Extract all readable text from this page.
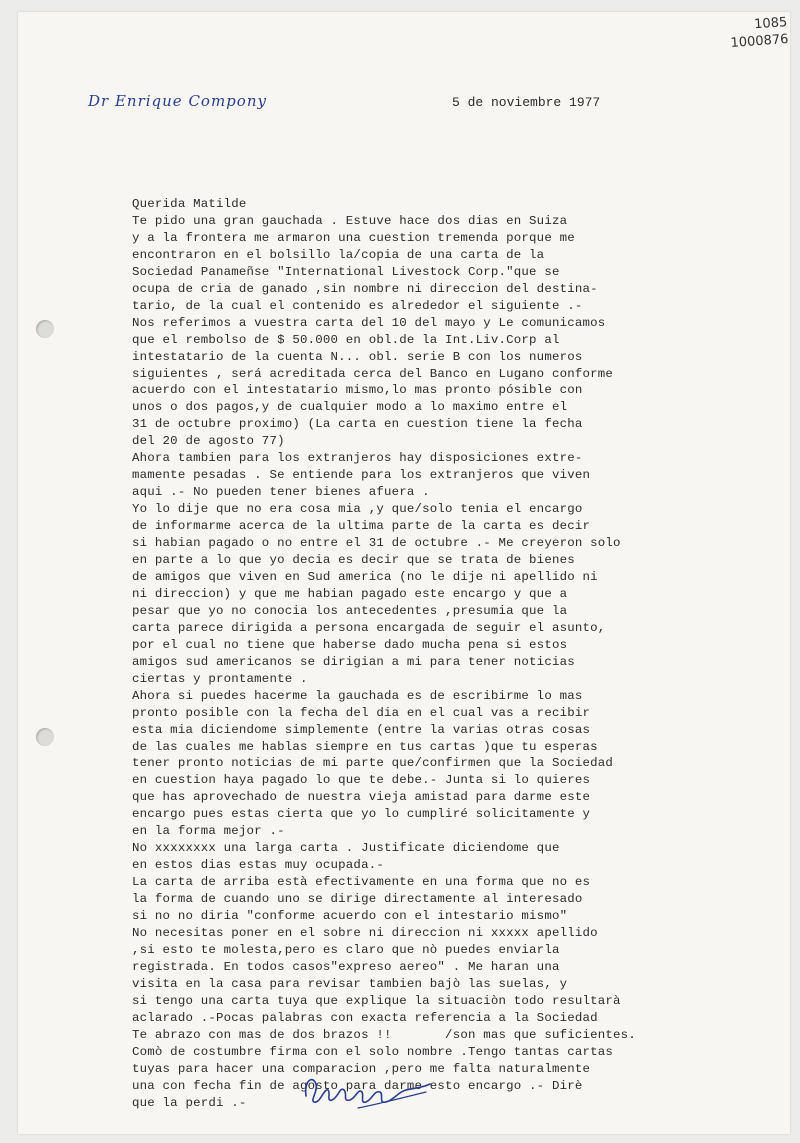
1085
1000876
Dr Enrique Compony	5 de noviembre 1977
Querida Matilde
Te pido una gran gauchada . Estuve hace dos dias en Suiza
y a la frontera me armaron una cuestion tremenda porque me
encontraron en el bolsillo la/copia de una carta de la
Sociedad Panameñse "International Livestock Corp."que se
ocupa de cria de ganado ,sin nombre ni direccion del destina-
tario, de la cual el contenido es alrededor el siguiente .-
Nos referimos a vuestra carta del 10 del mayo y Le comunicamos
que el rembolso de $ 50.000 en obl.de la Int.Liv.Corp al
intestatario de la cuenta N... obl. serie B con los numeros
siguientes , será acreditada cerca del Banco en Lugano conforme
acuerdo con el intestatario mismo,lo mas pronto pósible con
unos o dos pagos,y de cualquier modo a lo maximo entre el
31 de octubre proximo) (La carta en cuestion tiene la fecha
del 20 de agosto 77)
Ahora tambien para los extranjeros hay disposiciones extre-
mamente pesadas . Se entiende para los extranjeros que viven
aqui .- No pueden tener bienes afuera .
Yo lo dije que no era cosa mia ,y que/solo tenia el encargo
de informarme acerca de la ultima parte de la carta es decir
si habian pagado o no entre el 31 de octubre .- Me creyeron solo
en parte a lo que yo decia es decir que se trata de bienes
de amigos que viven en Sud america (no le dije ni apellido ni
ni direccion) y que me habian pagado este encargo y que a
pesar que yo no conocia los antecedentes ,presumia que la
carta parece dirigida a persona encargada de seguir el asunto,
por el cual no tiene que haberse dado mucha pena si estos
amigos sud americanos se dirigian a mi para tener noticias
ciertas y prontamente .
Ahora si puedes hacerme la gauchada es de escribirme lo mas
pronto posible con la fecha del dia en el cual vas a recibir
esta mia diciendome simplemente (entre la varias otras cosas
de las cuales me hablas siempre en tus cartas )que tu esperas
tener pronto noticias de mi parte que/confirmen que la Sociedad
en cuestion haya pagado lo que te debe.- Junta si lo quieres
que has aprovechado de nuestra vieja amistad para darme este
encargo pues estas cierta que yo lo cumpliré solicitamente y
en la forma mejor .-
No xxxxxxxx una larga carta . Justificate diciendome que
en estos dias estas muy ocupada.-
La carta de arriba està efectivamente en una forma que no es
la forma de cuando uno se dirige directamente al interesado
si no no diria "conforme acuerdo con el intestario mismo"
No necesitas poner en el sobre ni direccion ni xxxxx apellido
,si esto te molesta,pero es claro que nò puedes enviarla
registrada. En todos casos"expreso aereo" . Me haran una
visita en la casa para revisar tambien bajò las suelas, y
si tengo una carta tuya que explique la situaciòn todo resultarà
aclarado .-Pocas palabras con exacta referencia a la Sociedad
Te abrazo con mas de dos brazos !!       /son mas que suficientes.
Comò de costumbre firma con el solo nombre .Tengo tantas cartas
tuyas para hacer una comparacion ,pero me falta naturalmente
una con fecha fin de agosto para darme esto encargo .- Dirè
que la perdi .-
